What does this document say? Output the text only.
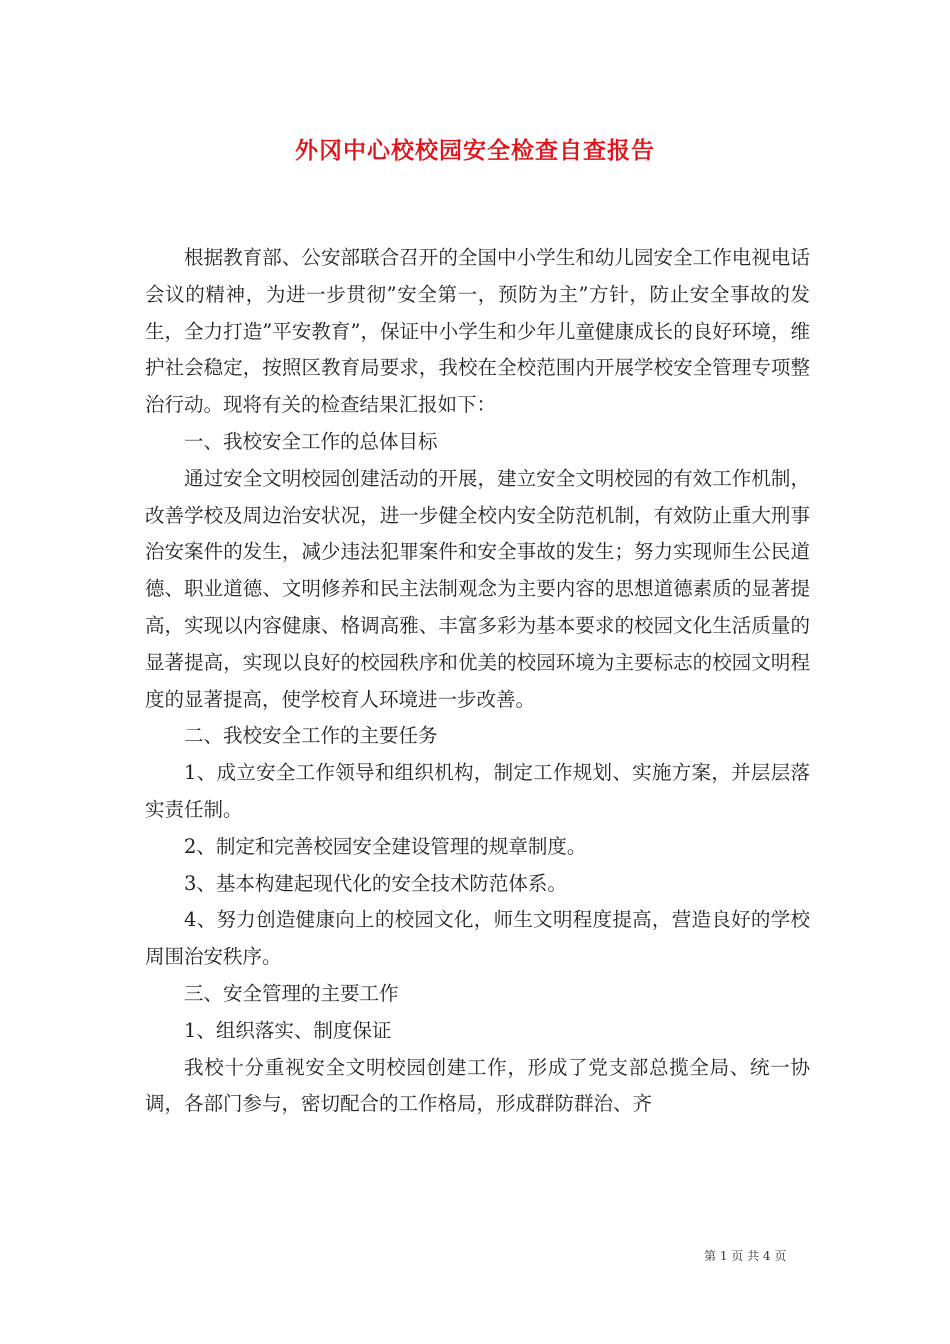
外冈中心校校园安全检查自查报告

根据教育部、公安部联合召开的全国中小学生和幼儿园安全工作电视电话会议的精神，为进一步贯彻”安全第一，预防为主”方针，防止安全事故的发生，全力打造”平安教育”，保证中小学生和少年儿童健康成长的良好环境，维护社会稳定，按照区教育局要求，我校在全校范围内开展学校安全管理专项整治行动。现将有关的检查结果汇报如下：

一、我校安全工作的总体目标

通过安全文明校园创建活动的开展，建立安全文明校园的有效工作机制，改善学校及周边治安状况，进一步健全校内安全防范机制，有效防止重大刑事治安案件的发生，减少违法犯罪案件和安全事故的发生；努力实现师生公民道德、职业道德、文明修养和民主法制观念为主要内容的思想道德素质的显著提高，实现以内容健康、格调高雅、丰富多彩为基本要求的校园文化生活质量的显著提高，实现以良好的校园秩序和优美的校园环境为主要标志的校园文明程度的显著提高，使学校育人环境进一步改善。

二、我校安全工作的主要任务

1、成立安全工作领导和组织机构，制定工作规划、实施方案，并层层落实责任制。

2、制定和完善校园安全建设管理的规章制度。

3、基本构建起现代化的安全技术防范体系。

4、努力创造健康向上的校园文化，师生文明程度提高，营造良好的学校周围治安秩序。

三、安全管理的主要工作

1、组织落实、制度保证

我校十分重视安全文明校园创建工作，形成了党支部总揽全局、统一协调，各部门参与，密切配合的工作格局，形成群防群治、齐

第 1 页 共 4 页
